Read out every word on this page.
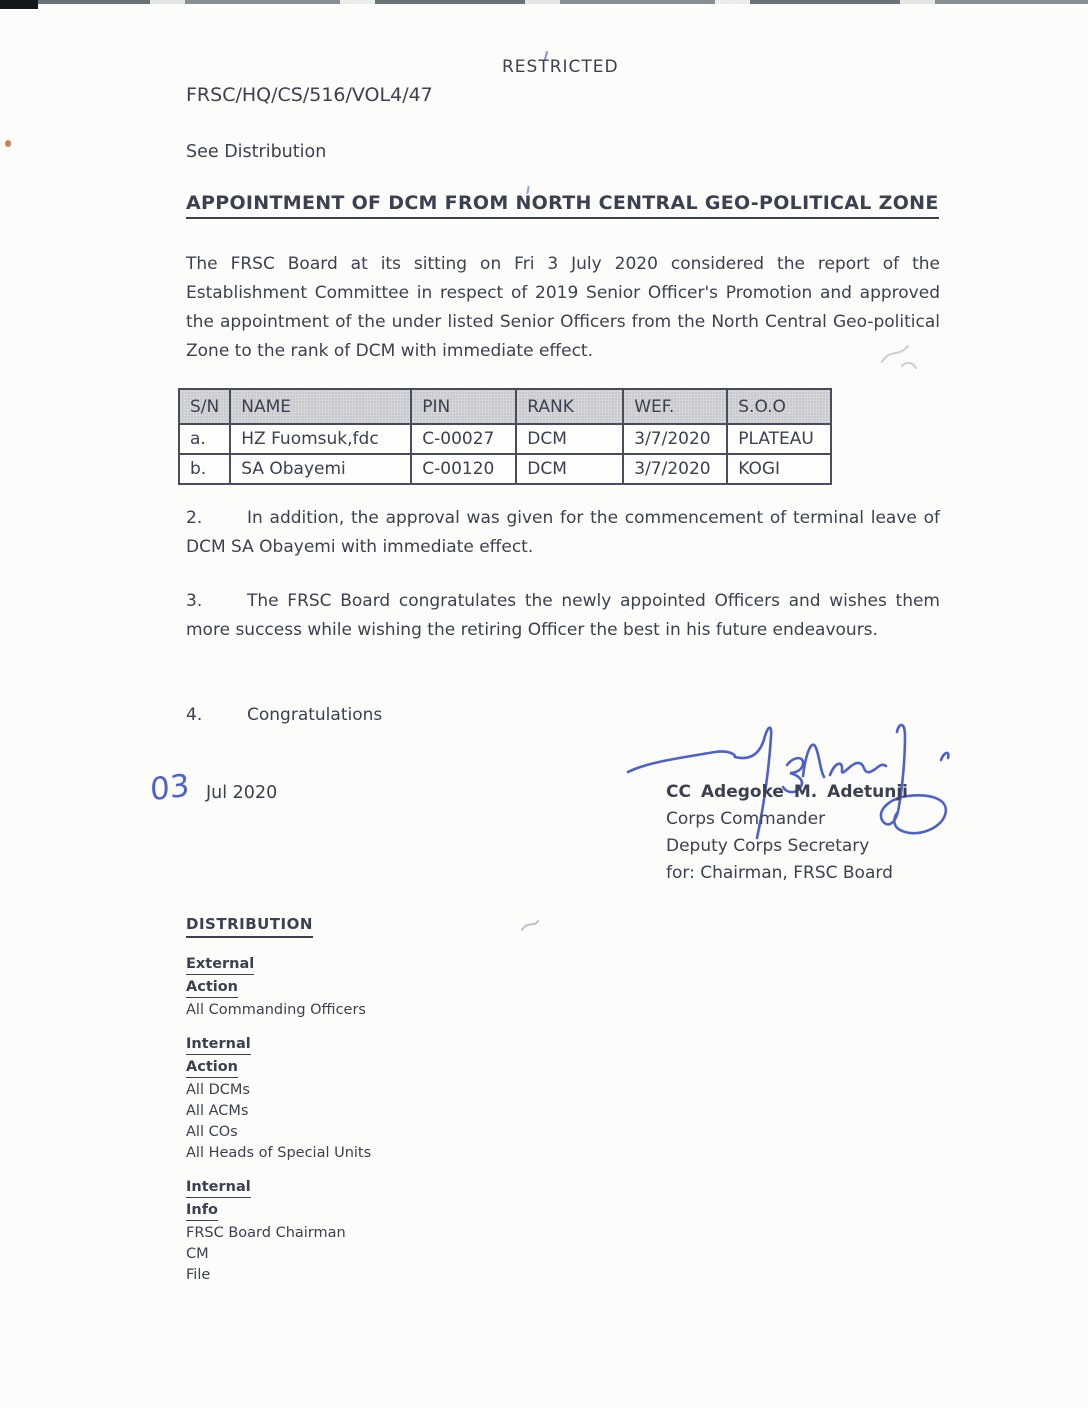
RESTRICTED
FRSC/HQ/CS/516/VOL4/47
See Distribution
APPOINTMENT OF DCM FROM NORTH CENTRAL GEO-POLITICAL ZONE

The FRSC Board at its sitting on Fri 3 July 2020 considered the report of the Establishment Committee in respect of 2019 Senior Officer's Promotion and approved the appointment of the under listed Senior Officers from the North Central Geo-political Zone to the rank of DCM with immediate effect.

S/N	NAME	PIN	RANK	WEF.	S.O.O
a.	HZ Fuomsuk,fdc	C-00027	DCM	3/7/2020	PLATEAU
b.	SA Obayemi	C-00120	DCM	3/7/2020	KOGI

2.	In addition, the approval was given for the commencement of terminal leave of DCM SA Obayemi with immediate effect.

3.	The FRSC Board congratulates the newly appointed Officers and wishes them more success while wishing the retiring Officer the best in his future endeavours.

4.	Congratulations

03 Jul 2020	CC Adegoke M. Adetunji
Corps Commander
Deputy Corps Secretary
for: Chairman, FRSC Board
DISTRIBUTION
External
Action
All Commanding Officers
Internal
Action
All DCMs
All ACMs
All COs
All Heads of Special Units
Internal
Info
FRSC Board Chairman
CM
File
